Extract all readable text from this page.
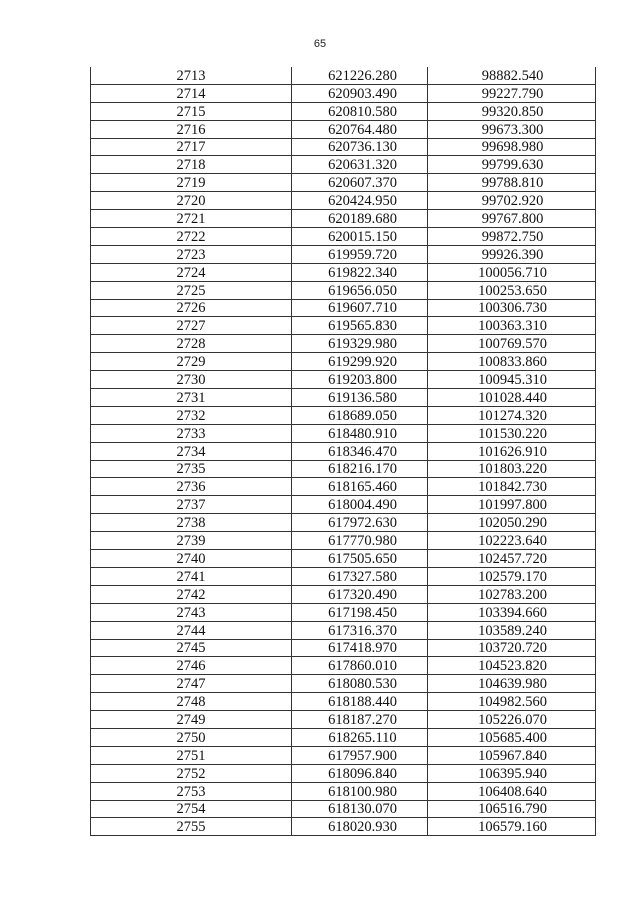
65
2713	621226.280	98882.540
2714	620903.490	99227.790
2715	620810.580	99320.850
2716	620764.480	99673.300
2717	620736.130	99698.980
2718	620631.320	99799.630
2719	620607.370	99788.810
2720	620424.950	99702.920
2721	620189.680	99767.800
2722	620015.150	99872.750
2723	619959.720	99926.390
2724	619822.340	100056.710
2725	619656.050	100253.650
2726	619607.710	100306.730
2727	619565.830	100363.310
2728	619329.980	100769.570
2729	619299.920	100833.860
2730	619203.800	100945.310
2731	619136.580	101028.440
2732	618689.050	101274.320
2733	618480.910	101530.220
2734	618346.470	101626.910
2735	618216.170	101803.220
2736	618165.460	101842.730
2737	618004.490	101997.800
2738	617972.630	102050.290
2739	617770.980	102223.640
2740	617505.650	102457.720
2741	617327.580	102579.170
2742	617320.490	102783.200
2743	617198.450	103394.660
2744	617316.370	103589.240
2745	617418.970	103720.720
2746	617860.010	104523.820
2747	618080.530	104639.980
2748	618188.440	104982.560
2749	618187.270	105226.070
2750	618265.110	105685.400
2751	617957.900	105967.840
2752	618096.840	106395.940
2753	618100.980	106408.640
2754	618130.070	106516.790
2755	618020.930	106579.160
